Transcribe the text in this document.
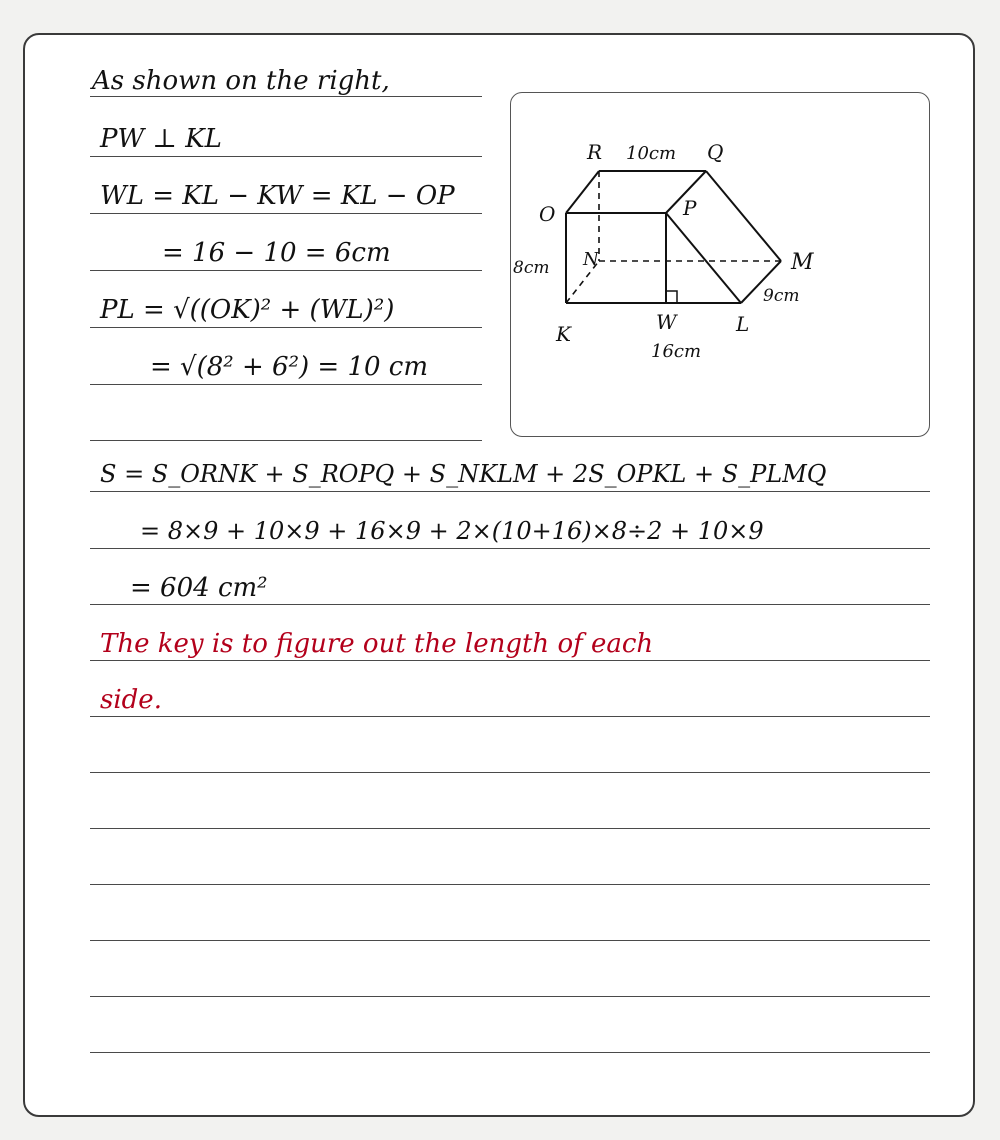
As shown on the right,
PW ⊥ KL
WL = KL − KW = KL − OP
= 16 − 10 = 6cm
PL = √((OK)² + (WL)²)
= √(8² + 6²) = 10 cm
S = S_ORNK + S_ROPQ + S_NKLM + 2S_OPKL + S_PLMQ
= 8×9 + 10×9 + 16×9 + 2×(10+16)×8÷2 + 10×9
= 604 cm²
The key is to figure out the length of each
side.
R	Q
O	P
N	M
K	W	L
10cm
8cm
9cm
16cm
